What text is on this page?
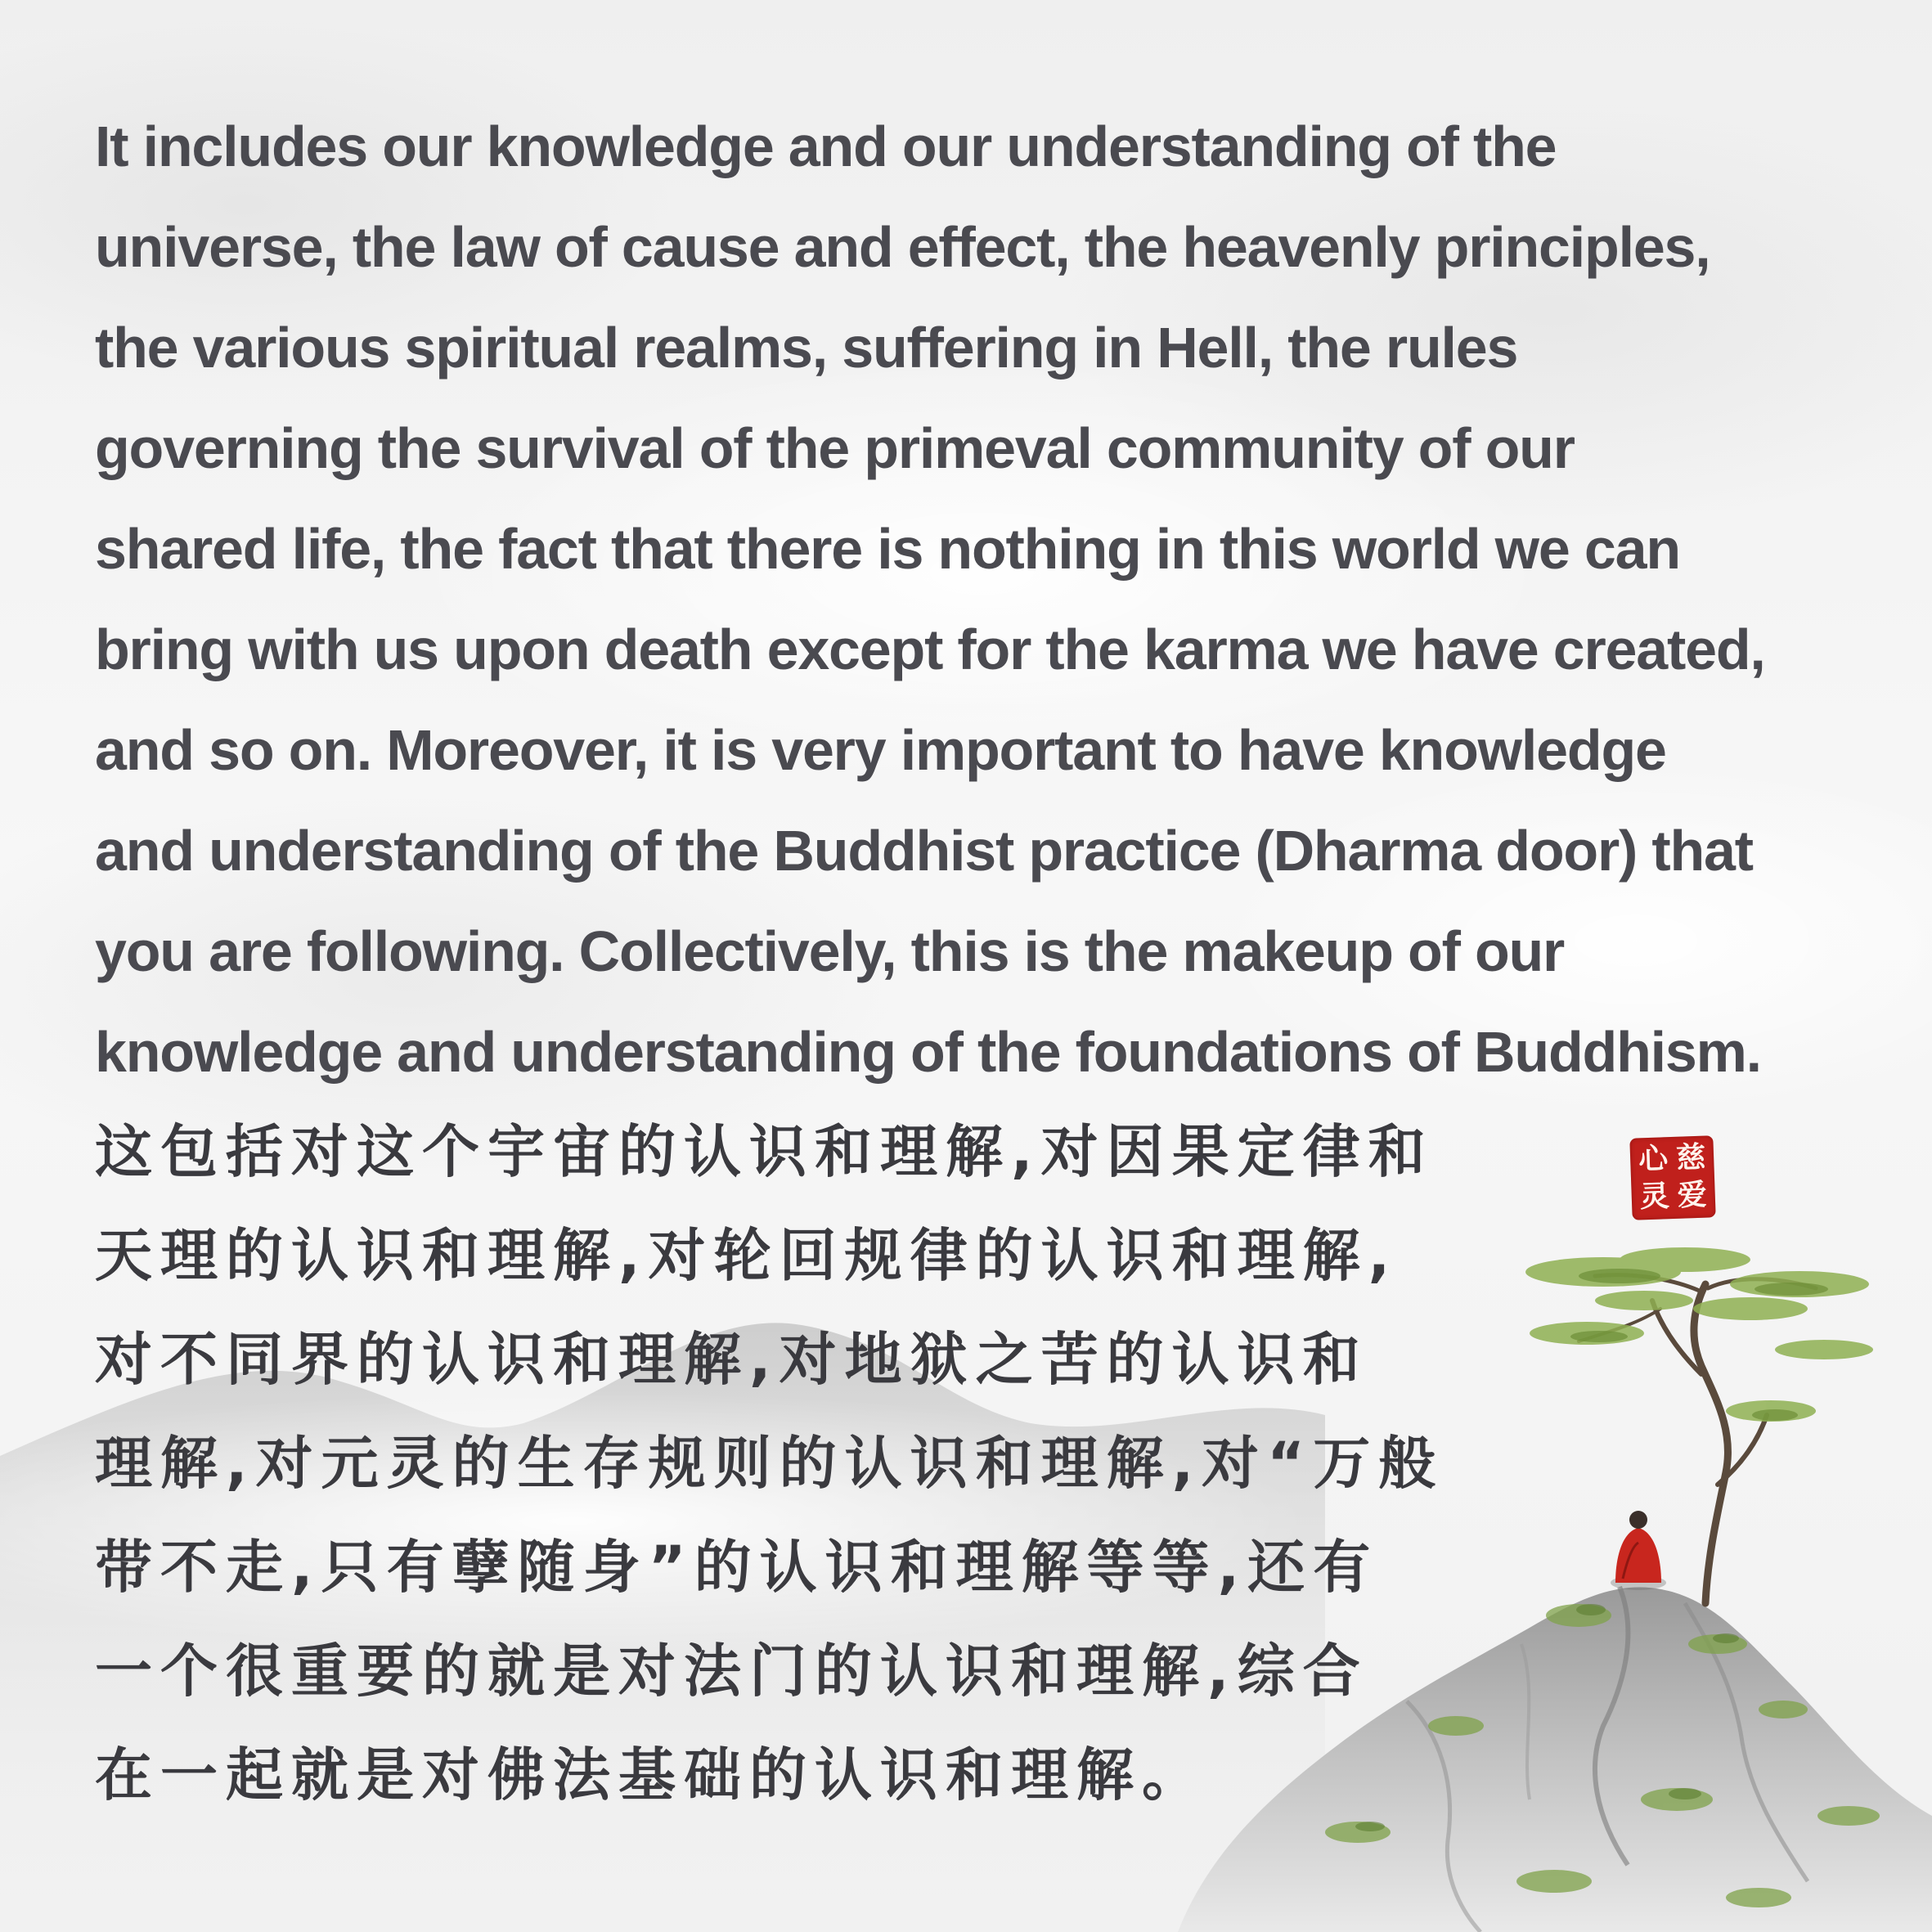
It includes our knowledge and our understanding of the
universe, the law of cause and effect, the heavenly principles,
the various spiritual realms, suffering in Hell, the rules
governing the survival of the primeval community of our
shared life, the fact that there is nothing in this world we can
bring with us upon death except for the karma we have created,
and so on. Moreover, it is very important to have knowledge
and understanding of the Buddhist practice (Dharma door) that
you are following. Collectively, this is the makeup of our
knowledge and understanding of the foundations of Buddhism.

这包括对这个宇宙的认识和理解,对因果定律和
天理的认识和理解,对轮回规律的认识和理解,
对不同界的认识和理解,对地狱之苦的认识和
理解,对元灵的生存规则的认识和理解,对“万般
带不走,只有孽随身”的认识和理解等等,还有
一个很重要的就是对法门的认识和理解,综合
在一起就是对佛法基础的认识和理解。

慈
心
爱
灵
